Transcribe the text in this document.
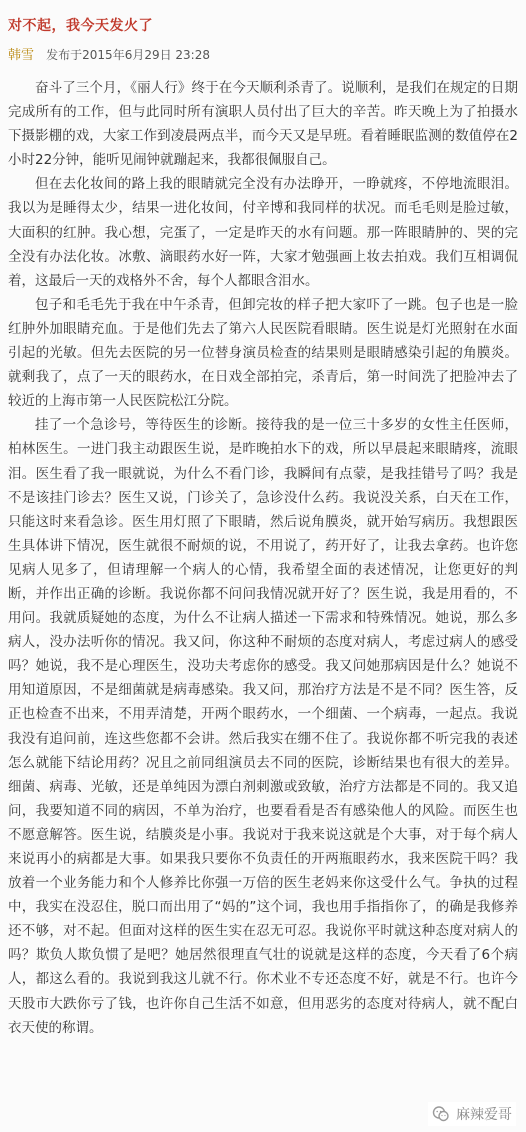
对不起，我今天发火了
韩雪 发布于2015年6月29日 23:28

奋斗了三个月，《丽人行》终于在今天顺利杀青了。说顺利，是我们在规定的日期完成所有的工作，但与此同时所有演职人员付出了巨大的辛苦。昨天晚上为了拍摄水下摄影棚的戏，大家工作到凌晨两点半，而今天又是早班。看着睡眠监测的数值停在2小时22分钟，能听见闹钟就蹦起来，我都很佩服自己。

但在去化妆间的路上我的眼睛就完全没有办法睁开，一睁就疼，不停地流眼泪。我以为是睡得太少，结果一进化妆间，付辛博和我同样的状况。而毛毛则是脸过敏，大面积的红肿。我心想，完蛋了，一定是昨天的水有问题。那一阵眼睛肿的、哭的完全没有办法化妆。冰敷、滴眼药水好一阵，大家才勉强画上妆去拍戏。我们互相调侃着，这最后一天的戏格外不舍，每个人都眼含泪水。

包子和毛毛先于我在中午杀青，但卸完妆的样子把大家吓了一跳。包子也是一脸红肿外加眼睛充血。于是他们先去了第六人民医院看眼睛。医生说是灯光照射在水面引起的光敏。但先去医院的另一位替身演员检查的结果则是眼睛感染引起的角膜炎。就剩我了，点了一天的眼药水，在日戏全部拍完，杀青后，第一时间洗了把脸冲去了较近的上海市第一人民医院松江分院。

挂了一个急诊号，等待医生的诊断。接待我的是一位三十多岁的女性主任医师，柏林医生。一进门我主动跟医生说，是昨晚拍水下的戏，所以早晨起来眼睛疼，流眼泪。医生看了我一眼就说，为什么不看门诊，我瞬间有点蒙，是我挂错号了吗？我是不是该挂门诊去？医生又说，门诊关了，急诊没什么药。我说没关系，白天在工作，只能这时来看急诊。医生用灯照了下眼睛，然后说角膜炎，就开始写病历。我想跟医生具体讲下情况，医生就很不耐烦的说，不用说了，药开好了，让我去拿药。也许您见病人见多了，但请理解一个病人的心情，我希望全面的表述情况，让您更好的判断，并作出正确的诊断。我说你都不问问我情况就开好了？医生说，我是用看的，不用问。我就质疑她的态度，为什么不让病人描述一下需求和特殊情况。她说，那么多病人，没办法听你的情况。我又问，你这种不耐烦的态度对病人，考虑过病人的感受吗？她说，我不是心理医生，没功夫考虑你的感受。我又问她那病因是什么？她说不用知道原因，不是细菌就是病毒感染。我又问，那治疗方法是不是不同？医生答，反正也检查不出来，不用弄清楚，开两个眼药水，一个细菌、一个病毒，一起点。我说我没有追问前，连这些您都不会讲。然后我实在绷不住了。我说你都不听完我的表述怎么就能下结论用药？况且之前同组演员去不同的医院，诊断结果也有很大的差异。细菌、病毒、光敏，还是单纯因为漂白剂刺激或致敏，治疗方法都是不同的。我又追问，我要知道不同的病因，不单为治疗，也要看看是否有感染他人的风险。而医生也不愿意解答。医生说，结膜炎是小事。我说对于我来说这就是个大事，对于每个病人来说再小的病都是大事。如果我只要你不负责任的开两瓶眼药水，我来医院干吗？我放着一个业务能力和个人修养比你强一万倍的医生老妈来你这受什么气。争执的过程中，我实在没忍住，脱口而出用了“妈的”这个词，我也用手指指你了，的确是我修养还不够，对不起。但面对这样的医生实在忍无可忍。我说你平时就这种态度对病人的吗？欺负人欺负惯了是吧？她居然很理直气壮的说就是这样的态度，今天看了6个病人，都这么看的。我说到我这儿就不行。你术业不专还态度不好，就是不行。也许今天股市大跌你亏了钱，也许你自己生活不如意，但用恶劣的态度对待病人，就不配白衣天使的称谓。

麻辣爱哥
